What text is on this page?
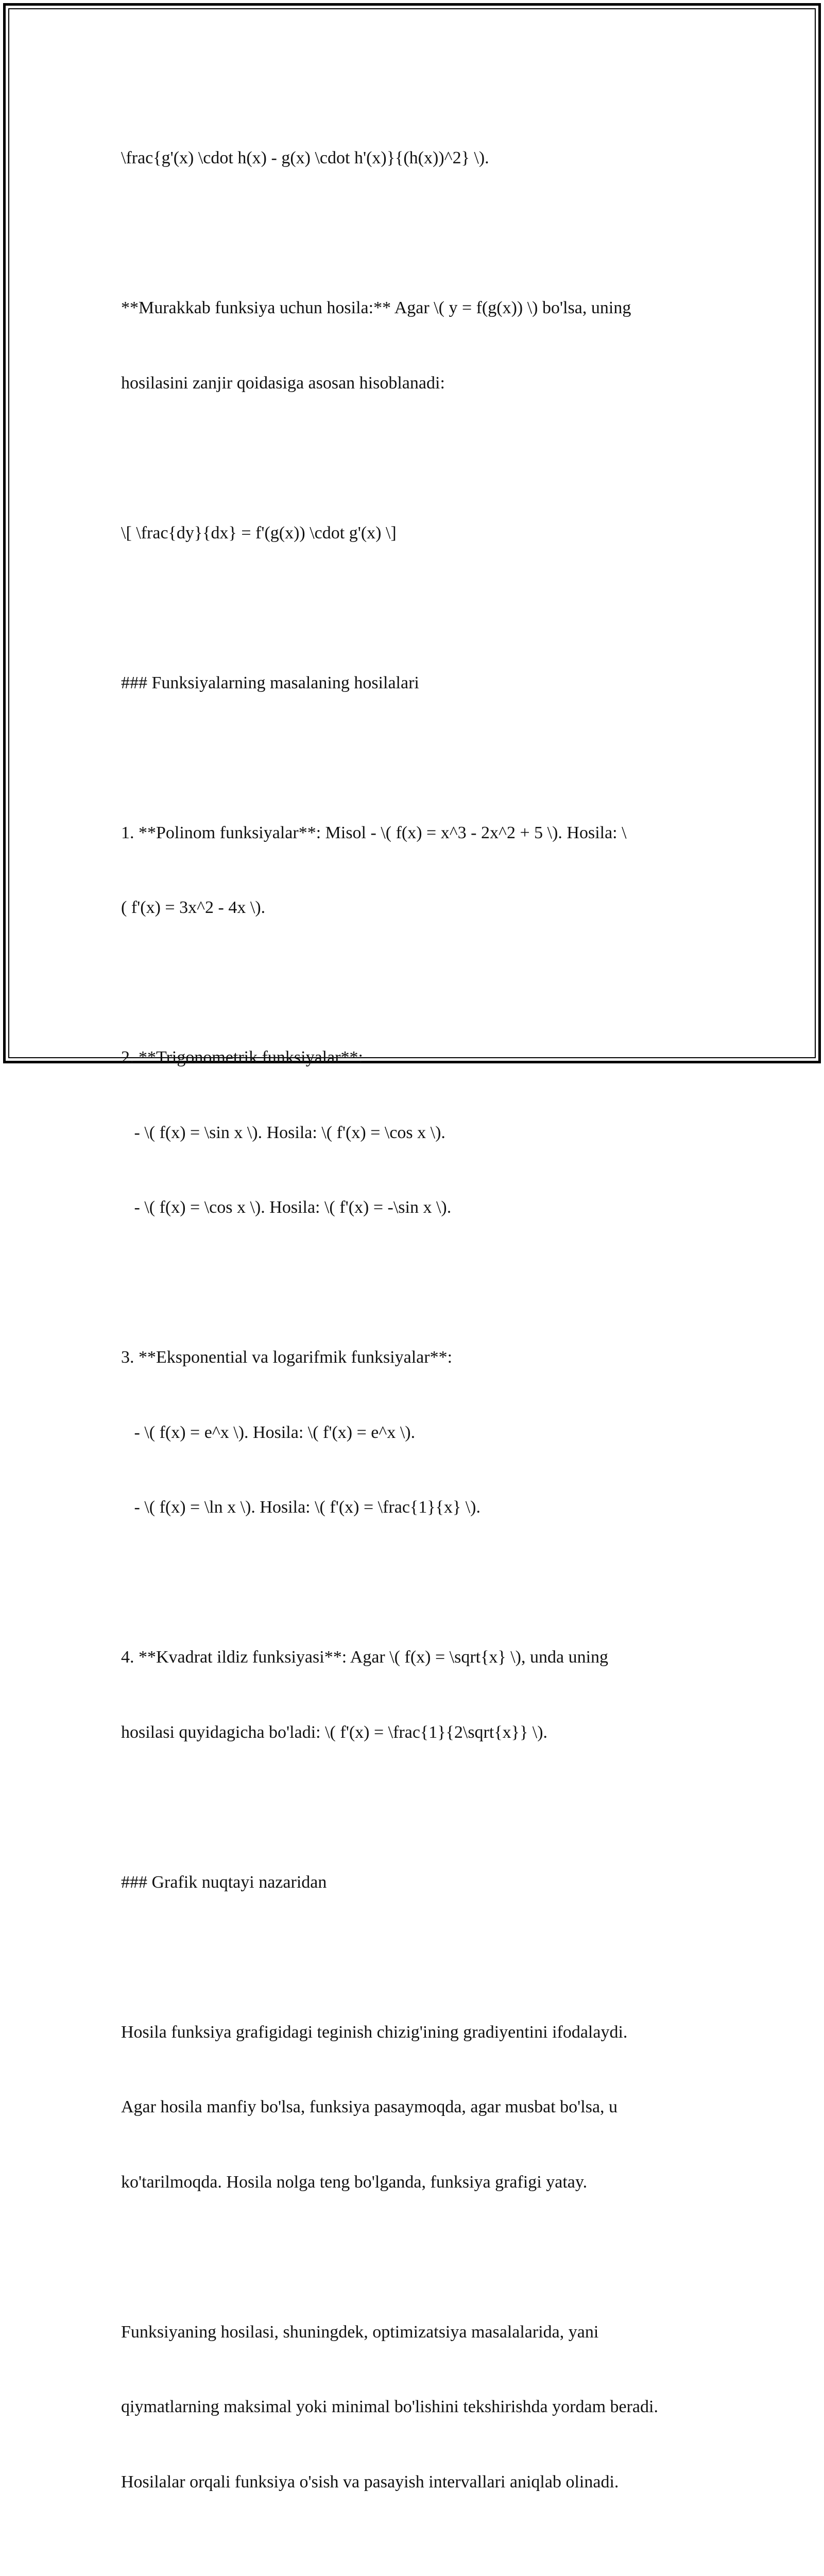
\frac{g'(x) \cdot h(x) - g(x) \cdot h'(x)}{(h(x))^2} \).

**Murakkab funksiya uchun hosila:** Agar \( y = f(g(x)) \) bo'lsa, uning

hosilasini zanjir qoidasiga asosan hisoblanadi:

\[ \frac{dy}{dx} = f'(g(x)) \cdot g'(x) \]

### Funksiyalarning masalaning hosilalari

1. **Polinom funksiyalar**: Misol - \( f(x) = x^3 - 2x^2 + 5 \). Hosila: \

( f'(x) = 3x^2 - 4x \).

2. **Trigonometrik funksiyalar**:

- \( f(x) = \sin x \). Hosila: \( f'(x) = \cos x \).

- \( f(x) = \cos x \). Hosila: \( f'(x) = -\sin x \).

3. **Eksponential va logarifmik funksiyalar**:

- \( f(x) = e^x \). Hosila: \( f'(x) = e^x \).

- \( f(x) = \ln x \). Hosila: \( f'(x) = \frac{1}{x} \).

4. **Kvadrat ildiz funksiyasi**: Agar \( f(x) = \sqrt{x} \), unda uning

hosilasi quyidagicha bo'ladi: \( f'(x) = \frac{1}{2\sqrt{x}} \).

### Grafik nuqtayi nazaridan

Hosila funksiya grafigidagi teginish chizig'ining gradiyentini ifodalaydi.

Agar hosila manfiy bo'lsa, funksiya pasaymoqda, agar musbat bo'lsa, u

ko'tarilmoqda. Hosila nolga teng bo'lganda, funksiya grafigi yatay.

Funksiyaning hosilasi, shuningdek, optimizatsiya masalalarida, yani

qiymatlarning maksimal yoki minimal bo'lishini tekshirishda yordam beradi.

Hosilalar orqali funksiya o'sish va pasayish intervallari aniqlab olinadi.
